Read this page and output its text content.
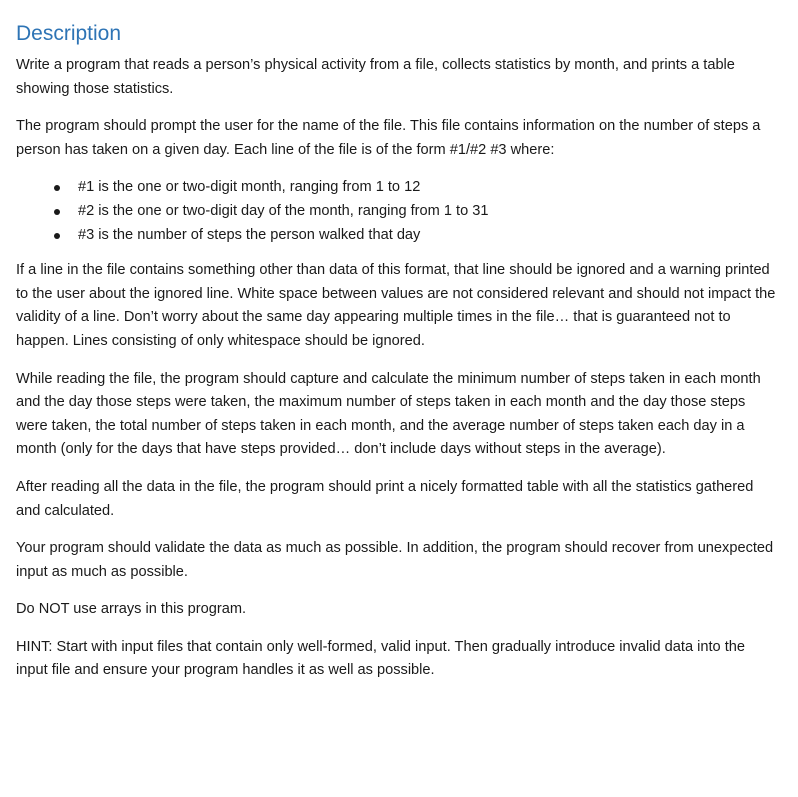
Description

Write a program that reads a person’s physical activity from a file, collects statistics by month, and prints a table showing those statistics.

The program should prompt the user for the name of the file. This file contains information on the number of steps a person has taken on a given day. Each line of the file is of the form #1/#2 #3 where:

#1 is the one or two-digit month, ranging from 1 to 12
#2 is the one or two-digit day of the month, ranging from 1 to 31
#3 is the number of steps the person walked that day

If a line in the file contains something other than data of this format, that line should be ignored and a warning printed to the user about the ignored line. White space between values are not considered relevant and should not impact the validity of a line. Don’t worry about the same day appearing multiple times in the file… that is guaranteed not to happen. Lines consisting of only whitespace should be ignored.

While reading the file, the program should capture and calculate the minimum number of steps taken in each month and the day those steps were taken, the maximum number of steps taken in each month and the day those steps were taken, the total number of steps taken in each month, and the average number of steps taken each day in a month (only for the days that have steps provided… don’t include days without steps in the average).

After reading all the data in the file, the program should print a nicely formatted table with all the statistics gathered and calculated.

Your program should validate the data as much as possible. In addition, the program should recover from unexpected input as much as possible.

Do NOT use arrays in this program.

HINT: Start with input files that contain only well-formed, valid input. Then gradually introduce invalid data into the input file and ensure your program handles it as well as possible.
